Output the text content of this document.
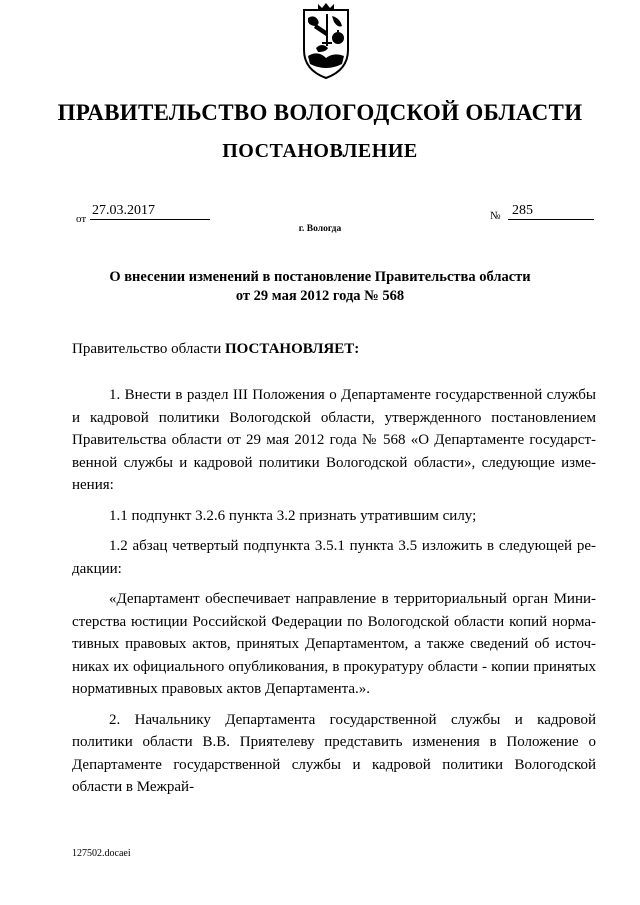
ПРАВИТЕЛЬСТВО ВОЛОГОДСКОЙ ОБЛАСТИ
ПОСТАНОВЛЕНИЕ
от
27.03.2017	№ 285
г. Вологда
О внесении изменений в постановление Правительства области
от 29 мая 2012 года № 568
Правительство области ПОСТАНОВЛЯЕТ:

1. Внести в раздел III Положения о Департаменте государственной службы и кадровой политики Вологодской области, утвержденного постановлением Правительства области от 29 мая 2012 года № 568 «О Департаменте государственной службы и кадровой политики Вологодской области», следующие изменения:

1.1 подпункт 3.2.6 пункта 3.2 признать утратившим силу;

1.2 абзац четвертый подпункта 3.5.1 пункта 3.5 изложить в следующей редакции:

«Департамент обеспечивает направление в территориальный орган Министерства юстиции Российской Федерации по Вологодской области копий нормативных правовых актов, принятых Департаментом, а также сведений об источниках их официального опубликования, в прокуратуру области - копии принятых нормативных правовых актов Департамента.».

2. Начальнику Департамента государственной службы и кадровой политики области В.В. Приятелеву представить изменения в Положение о Департаменте государственной службы и кадровой политики Вологодской области в Межрай-

127502.docaei
